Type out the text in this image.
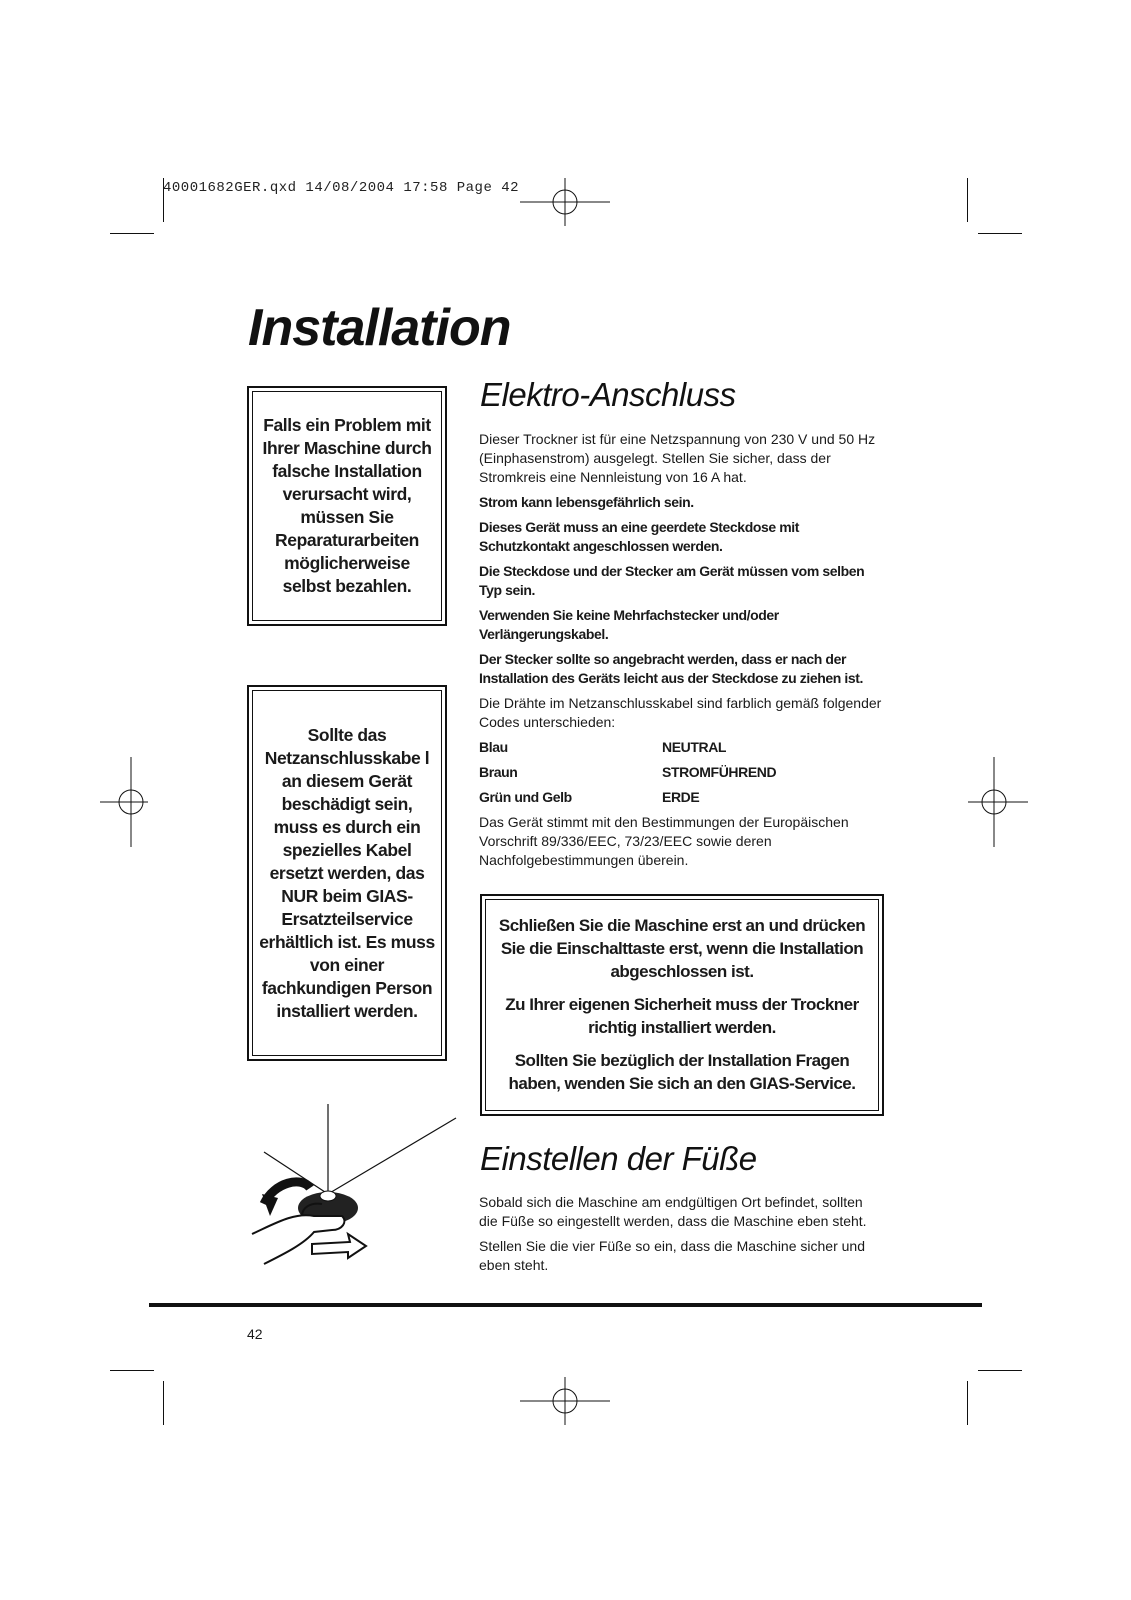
40001682GER.qxd 14/08/2004 17:58 Page 42
Installation
Falls ein Problem mit Ihrer Maschine durch falsche Installation verursacht wird, müssen Sie Reparaturarbeiten möglicherweise selbst bezahlen.
Sollte das Netzanschlusskabe l an diesem Gerät beschädigt sein, muss es durch ein spezielles Kabel ersetzt werden, das NUR beim GIAS-Ersatzteilservice erhältlich ist. Es muss von einer fachkundigen Person installiert werden.
Elektro-Anschluss

Dieser Trockner ist für eine Netzspannung von 230 V und 50 Hz (Einphasenstrom) ausgelegt. Stellen Sie sicher, dass der Stromkreis eine Nennleistung von 16 A hat.

Strom kann lebensgefährlich sein.

Dieses Gerät muss an eine geerdete Steckdose mit Schutzkontakt angeschlossen werden.

Die Steckdose und der Stecker am Gerät müssen vom selben Typ sein.

Verwenden Sie keine Mehrfachstecker und/oder Verlängerungskabel.

Der Stecker sollte so angebracht werden, dass er nach der Installation des Geräts leicht aus der Steckdose zu ziehen ist.

Die Drähte im Netzanschlusskabel sind farblich gemäß folgender Codes unterschieden:

Blau	NEUTRAL
Braun	STROMFÜHREND
Grün und Gelb	ERDE

Das Gerät stimmt mit den Bestimmungen der Europäischen Vorschrift 89/336/EEC, 73/23/EEC sowie deren Nachfolgebestimmungen überein.

Schließen Sie die Maschine erst an und drücken Sie die Einschalttaste erst, wenn die Installation abgeschlossen ist.

Zu Ihrer eigenen Sicherheit muss der Trockner richtig installiert werden.

Sollten Sie bezüglich der Installation Fragen haben, wenden Sie sich an den GIAS-Service.

Einstellen der Füße

Sobald sich die Maschine am endgültigen Ort befindet, sollten die Füße so eingestellt werden, dass die Maschine eben steht.

Stellen Sie die vier Füße so ein, dass die Maschine sicher und eben steht.

42
